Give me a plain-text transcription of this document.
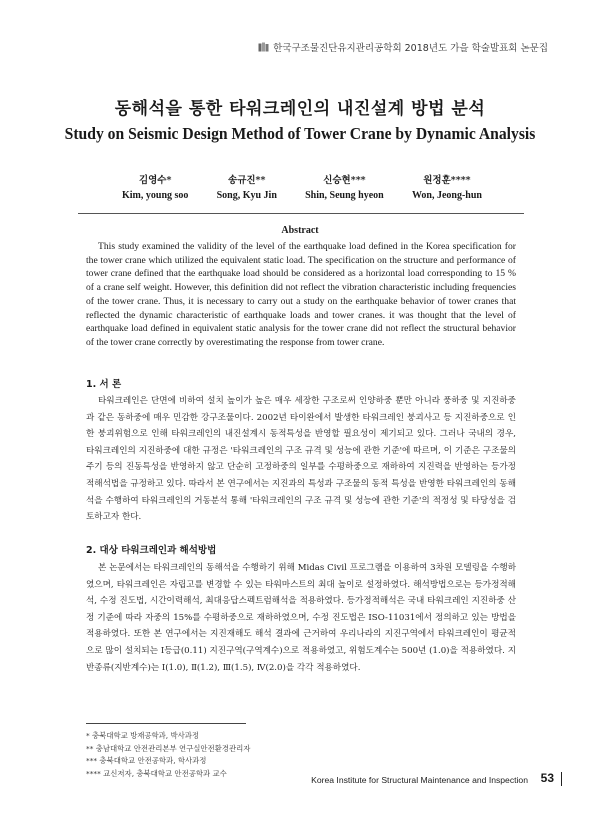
한국구조물진단유지관리공학회 2018년도 가을 학술발표회 논문집
동해석을 통한 타워크레인의 내진설계 방법 분석
Study on Seismic Design Method of Tower Crane by Dynamic Analysis
김영수*
Kim, young soo
송규진**
Song, Kyu Jin
신승현***
Shin, Seung hyeon
원정훈****
Won, Jeong-hun
Abstract

This study examined the validity of the level of the earthquake load defined in the Korea specification for the tower crane which utilized the equivalent static load. The specification on the structure and performance of tower crane defined that the earthquake load should be considered as a horizontal load corresponding to 15 % of a crane self weight. However, this definition did not reflect the vibration characteristic including frequencies of the tower crane. Thus, it is necessary to carry out a study on the earthquake behavior of tower cranes that reflected the dynamic characteristic of earthquake loads and tower cranes. it was thought that the level of earthquake load defined in equivalent static analysis for the tower crane did not reflect the structural behavior of the tower crane correctly by overestimating the response from tower crane.

1. 서 론

타워크레인은 단면에 비하여 설치 높이가 높은 매우 세장한 구조로써 인양하중 뿐만 아니라 풍하중 및 지진하중과 같은 동하중에 매우 민감한 강구조물이다. 2002년 타이완에서 발생한 타워크레인 붕괴사고 등 지진하중으로 인한 붕괴위험으로 인해 타워크레인의 내진설계시 동적특성을 반영할 필요성이 제기되고 있다. 그러나 국내의 경우, 타워크레인의 지진하중에 대한 규정은 '타워크레인의 구조 규격 및 성능에 관한 기준'에 따르며, 이 기준은 구조물의 주기 등의 진동특성을 반영하지 않고 단순히 고정하중의 일부를 수평하중으로 재하하여 지진력을 반영하는 등가정적해석법을 규정하고 있다. 따라서 본 연구에서는 지진과의 특성과 구조물의 동적 특성을 반영한 타워크레인의 동해석을 수행하여 타워크레인의 거동분석 통해 '타워크레인의 구조 규격 및 성능에 관한 기준'의 적정성 및 타당성을 검토하고자 한다.

2. 대상 타워크레인과 해석방법

본 논문에서는 타워크레인의 동해석을 수행하기 위해 Midas Civil 프로그램을 이용하여 3차원 모델링을 수행하였으며, 타워크레인은 자립고를 변경할 수 있는 타워마스트의 최대 높이로 설정하였다. 해석방법으로는 등가정적해석, 수정 진도법, 시간이력해석, 최대응답스펙트럼해석을 적용하였다. 등가정적해석은 국내 타워크레인 지진하중 산정 기준에 따라 자중의 15%를 수평하중으로 재하하였으며, 수정 진도법은 ISO-11031에서 정의하고 있는 방법을 적용하였다. 또한 본 연구에서는 지진재해도 해석 결과에 근거하여 우리나라의 지진구역에서 타워크레인이 평균적으로 많이 설치되는 I등급(0.11) 지진구역(구역계수)으로 적용하였고, 위험도계수는 500년 (1.0)을 적용하였다. 지반종류(지반계수)는 Ⅰ(1.0), Ⅱ(1.2), Ⅲ(1.5), Ⅳ(2.0)을 각각 적용하였다.

* 충북대학교 방재공학과, 박사과정
** 충남대학교 안전관리본부 연구실안전환경관리자
*** 충북대학교 안전공학과, 학사과정
**** 교신저자, 충북대학교 안전공학과 교수
Korea Institute for Structural Maintenance and Inspection 53
